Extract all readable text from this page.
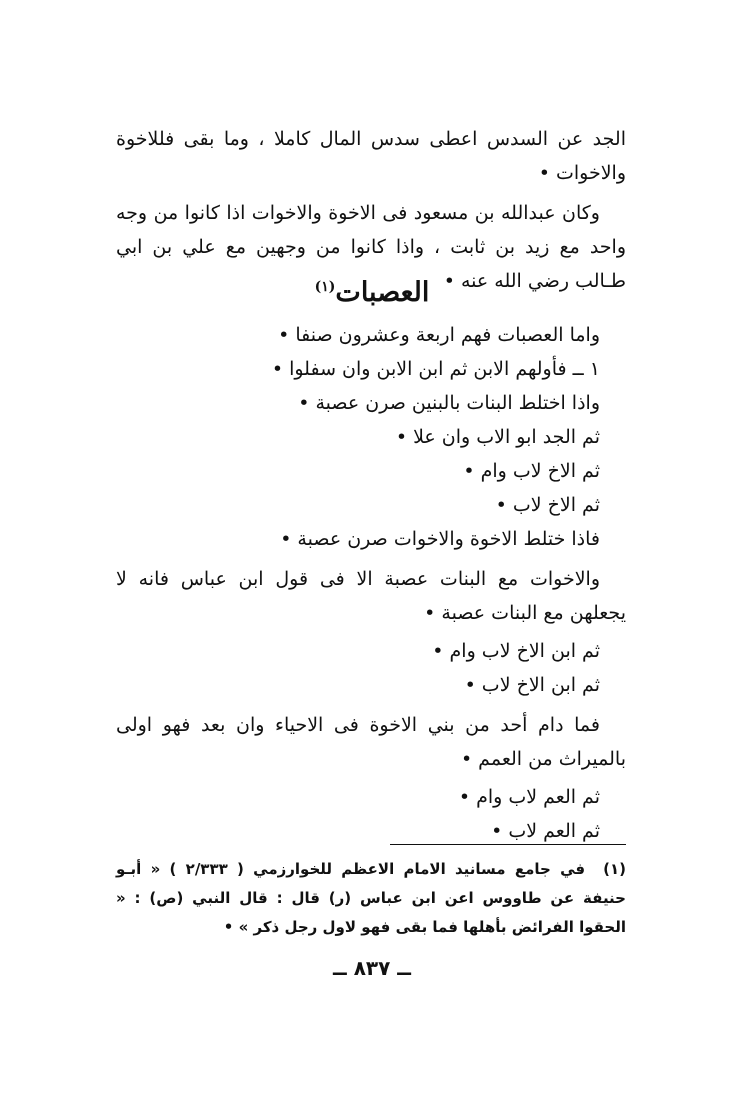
الجد عن السدس اعطى سدس المال كاملا ، وما بقى فللاخوة والاخوات •

وكان عبدالله بن مسعود فى الاخوة والاخوات اذا كانوا من وجه واحد مع زيد بن ثابت ، واذا كانوا من وجهين مع علي بن ابي طـالب رضي الله عنه •

العصبات$^{(١)}$

واما العصبات فهم اربعة وعشرون صنفا •

١ ــ فأولهم الابن ثم ابن الابن وان سفلوا •

واذا اختلط البنات بالبنين صرن عصبة •

ثم الجد ابو الاب وان علا •

ثم الاخ لاب وام •

ثم الاخ لاب •

فاذا ختلط الاخوة والاخوات صرن عصبة •

والاخوات مع البنات عصبة الا فى قول ابن عباس فانه لا يجعلهن مع البنات عصبة •

ثم ابن الاخ لاب وام •

ثم ابن الاخ لاب •

فما دام أحد من بني الاخوة فى الاحياء وان بعد فهو اولى بالميراث من العمم •

ثم العم لاب وام •

ثم العم لاب •

(١)في جامع مسانيد الامام الاعظم للخوارزمي ( ٢/٣٣٣ ) « أبـو حنيفة عن طاووس اعن ابن عباس (ر) قال : قال النبي (ص) : « الحقوا الفرائض بأهلها فما بقى فهو لاول رجل ذكر » •
ــ ٨٣٧ ــ
